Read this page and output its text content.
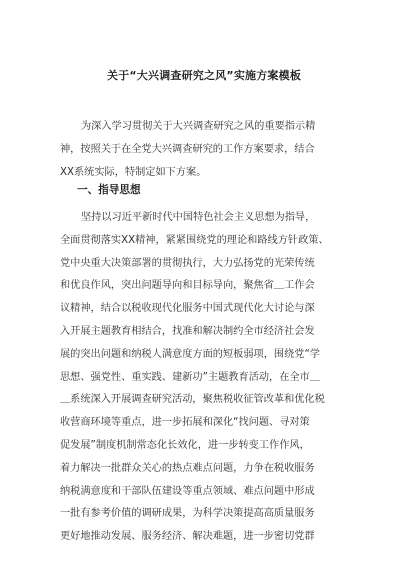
关于“大兴调查研究之风”实施方案模板
为深入学习贯彻关于大兴调查研究之风的重要指示精
神，按照关于在全党大兴调查研究的工作方案要求，结合
XX系统实际，特制定如下方案。
一、指导思想
坚持以习近平新时代中国特色社会主义思想为指导，
全面贯彻落实XX精神，紧紧围绕党的理论和路线方针政策、
党中央重大决策部署的贯彻执行，大力弘扬党的光荣传统
和优良作风，突出问题导向和目标导向，聚焦省＿工作会
议精神，结合以税收现代化服务中国式现代化大讨论与深
入开展主题教育相结合，找准和解决制约全市经济社会发
展的突出问题和纳税人满意度方面的短板弱项，围绕党“学
思想、强党性、重实践、建新功”主题教育活动，在全市＿
＿系统深入开展调查研究活动，聚焦税收征管改革和优化税
收营商环境等重点，进一步拓展和深化“找问题、寻对策
促发展”制度机制常态化长效化，进一步转变工作作风，
着力解决一批群众关心的热点难点问题，力争在税收服务
纳税满意度和干部队伍建设等重点领域、难点问题中形成
一批有参考价值的调研成果，为科学决策提高高质量服务
更好地推动发展、服务经济、解决难题，进一步密切党群
